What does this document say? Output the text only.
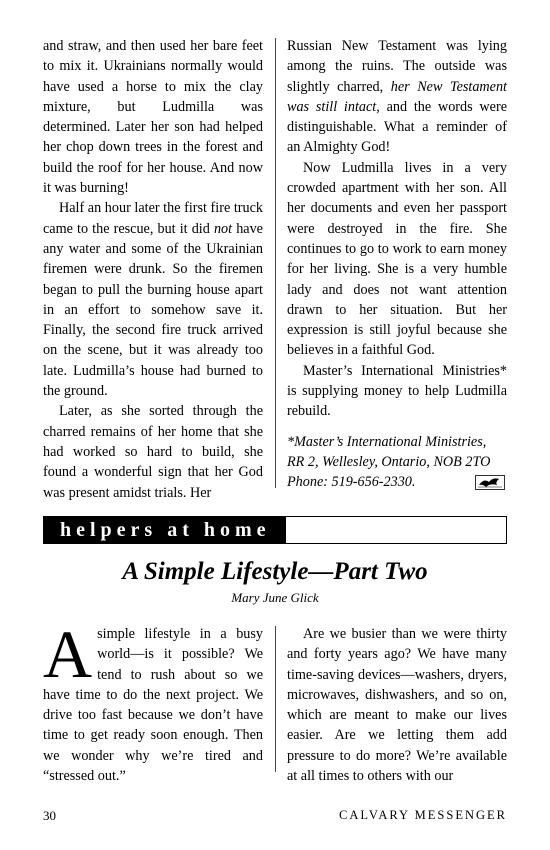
and straw, and then used her bare feet to mix it. Ukrainians normally would have used a horse to mix the clay mixture, but Ludmilla was determined. Later her son had helped her chop down trees in the forest and build the roof for her house. And now it was burning!

Half an hour later the first fire truck came to the rescue, but it did not have any water and some of the Ukrainian firemen were drunk. So the firemen began to pull the burning house apart in an effort to somehow save it. Finally, the second fire truck arrived on the scene, but it was already too late. Ludmilla’s house had burned to the ground.

Later, as she sorted through the charred remains of her home that she had worked so hard to build, she found a wonderful sign that her God was present amidst trials. Her

Russian New Testament was lying among the ruins. The outside was slightly charred, her New Testament was still intact, and the words were distinguishable. What a reminder of an Almighty God!

Now Ludmilla lives in a very crowded apartment with her son. All her documents and even her passport were destroyed in the fire. She continues to go to work to earn money for her living. She is a very humble lady and does not want attention drawn to her situation. But her expression is still joyful because she believes in a faithful God.

Master’s International Ministries* is supplying money to help Ludmilla rebuild.

*Master’s International Ministries,
RR 2, Wellesley, Ontario, NOB 2TO
Phone: 519-656-2330.

helpers at home
A Simple Lifestyle—Part Two
Mary June Glick

Asimple lifestyle in a busy world—is it possible? We tend to rush about so we have time to do the next project. We drive too fast because we don’t have time to get ready soon enough. Then we wonder why we’re tired and “stressed out.”

Are we busier than we were thirty and forty years ago? We have many time-saving devices—washers, dryers, microwaves, dishwashers, and so on, which are meant to make our lives easier. Are we letting them add pressure to do more? We’re available at all times to others with our

30	CALVARY MESSENGER
